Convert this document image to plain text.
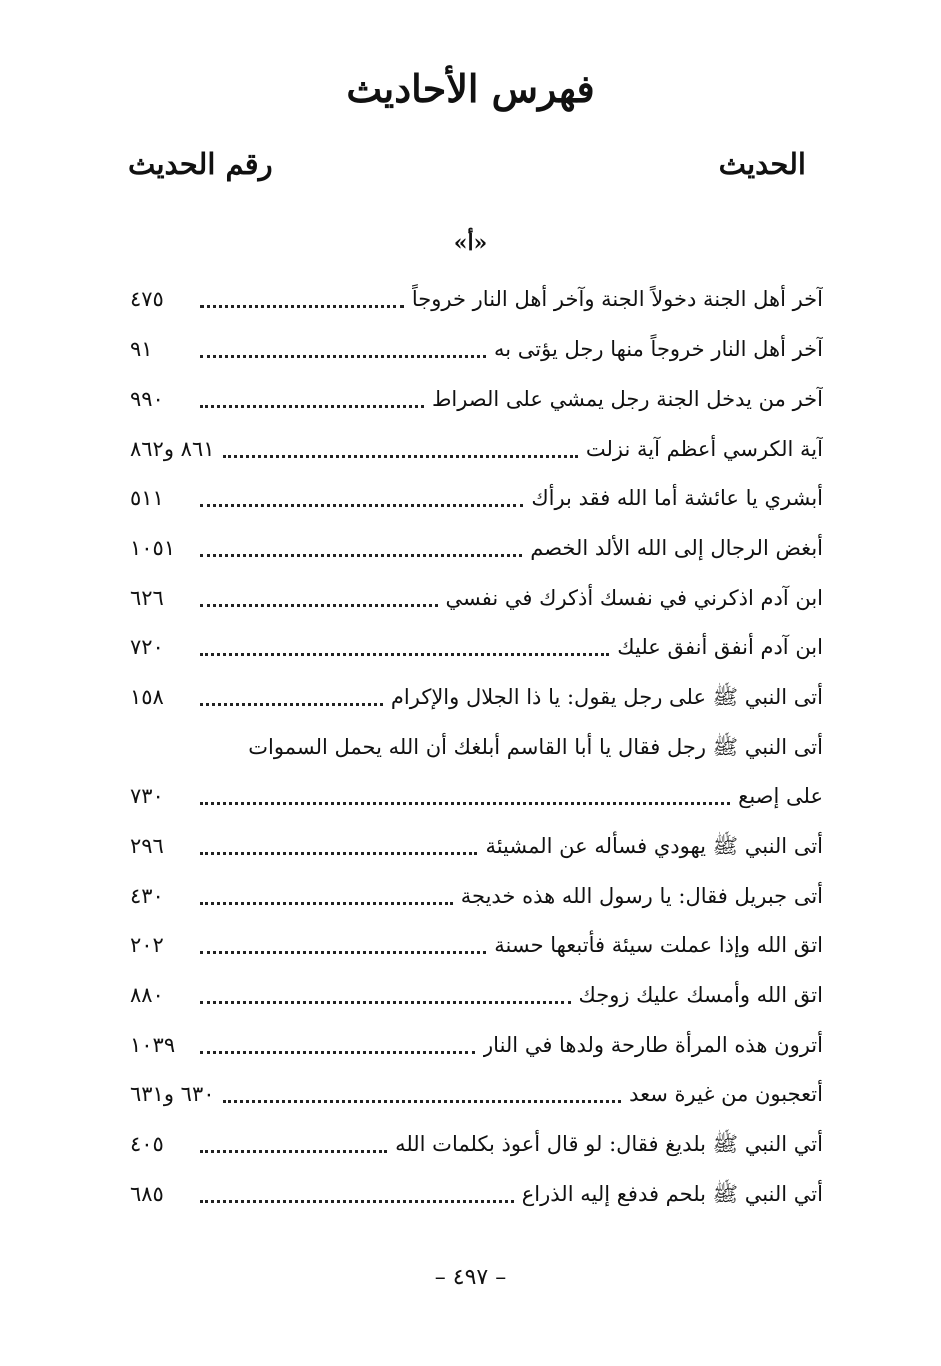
فهرس الأحاديث
الحديث
رقم الحديث
«أ»
آخر أهل الجنة دخولاً الجنة وآخر أهل النار خروجاً
٤٧٥
آخر أهل النار خروجاً منها رجل يؤتى به
٩١
آخر من يدخل الجنة رجل يمشي على الصراط
٩٩٠
آية الكرسي أعظم آية نزلت
٨٦١ و٨٦٢
أبشري يا عائشة أما الله فقد برأك
٥١١
أبغض الرجال إلى الله الألد الخصم
١٠٥١
ابن آدم اذكرني في نفسك أذكرك في نفسي
٦٢٦
ابن آدم أنفق أنفق عليك
٧٢٠
أتى النبي ﷺ على رجل يقول: يا ذا الجلال والإكرام
١٥٨
أتى النبي ﷺ رجل فقال يا أبا القاسم أبلغك أن الله يحمل السموات
على إصبع
٧٣٠
أتى النبي ﷺ يهودي فسأله عن المشيئة
٢٩٦
أتى جبريل فقال: يا رسول الله هذه خديجة
٤٣٠
اتق الله وإذا عملت سيئة فأتبعها حسنة
٢٠٢
اتق الله وأمسك عليك زوجك
٨٨٠
أترون هذه المرأة طارحة ولدها في النار
١٠٣٩
أتعجبون من غيرة سعد
٦٣٠ و٦٣١
أتي النبي ﷺ بلديغ فقال: لو قال أعوذ بكلمات الله
٤٠٥
أتي النبي ﷺ بلحم فدفع إليه الذراع
٦٨٥
– ٤٩٧ –
